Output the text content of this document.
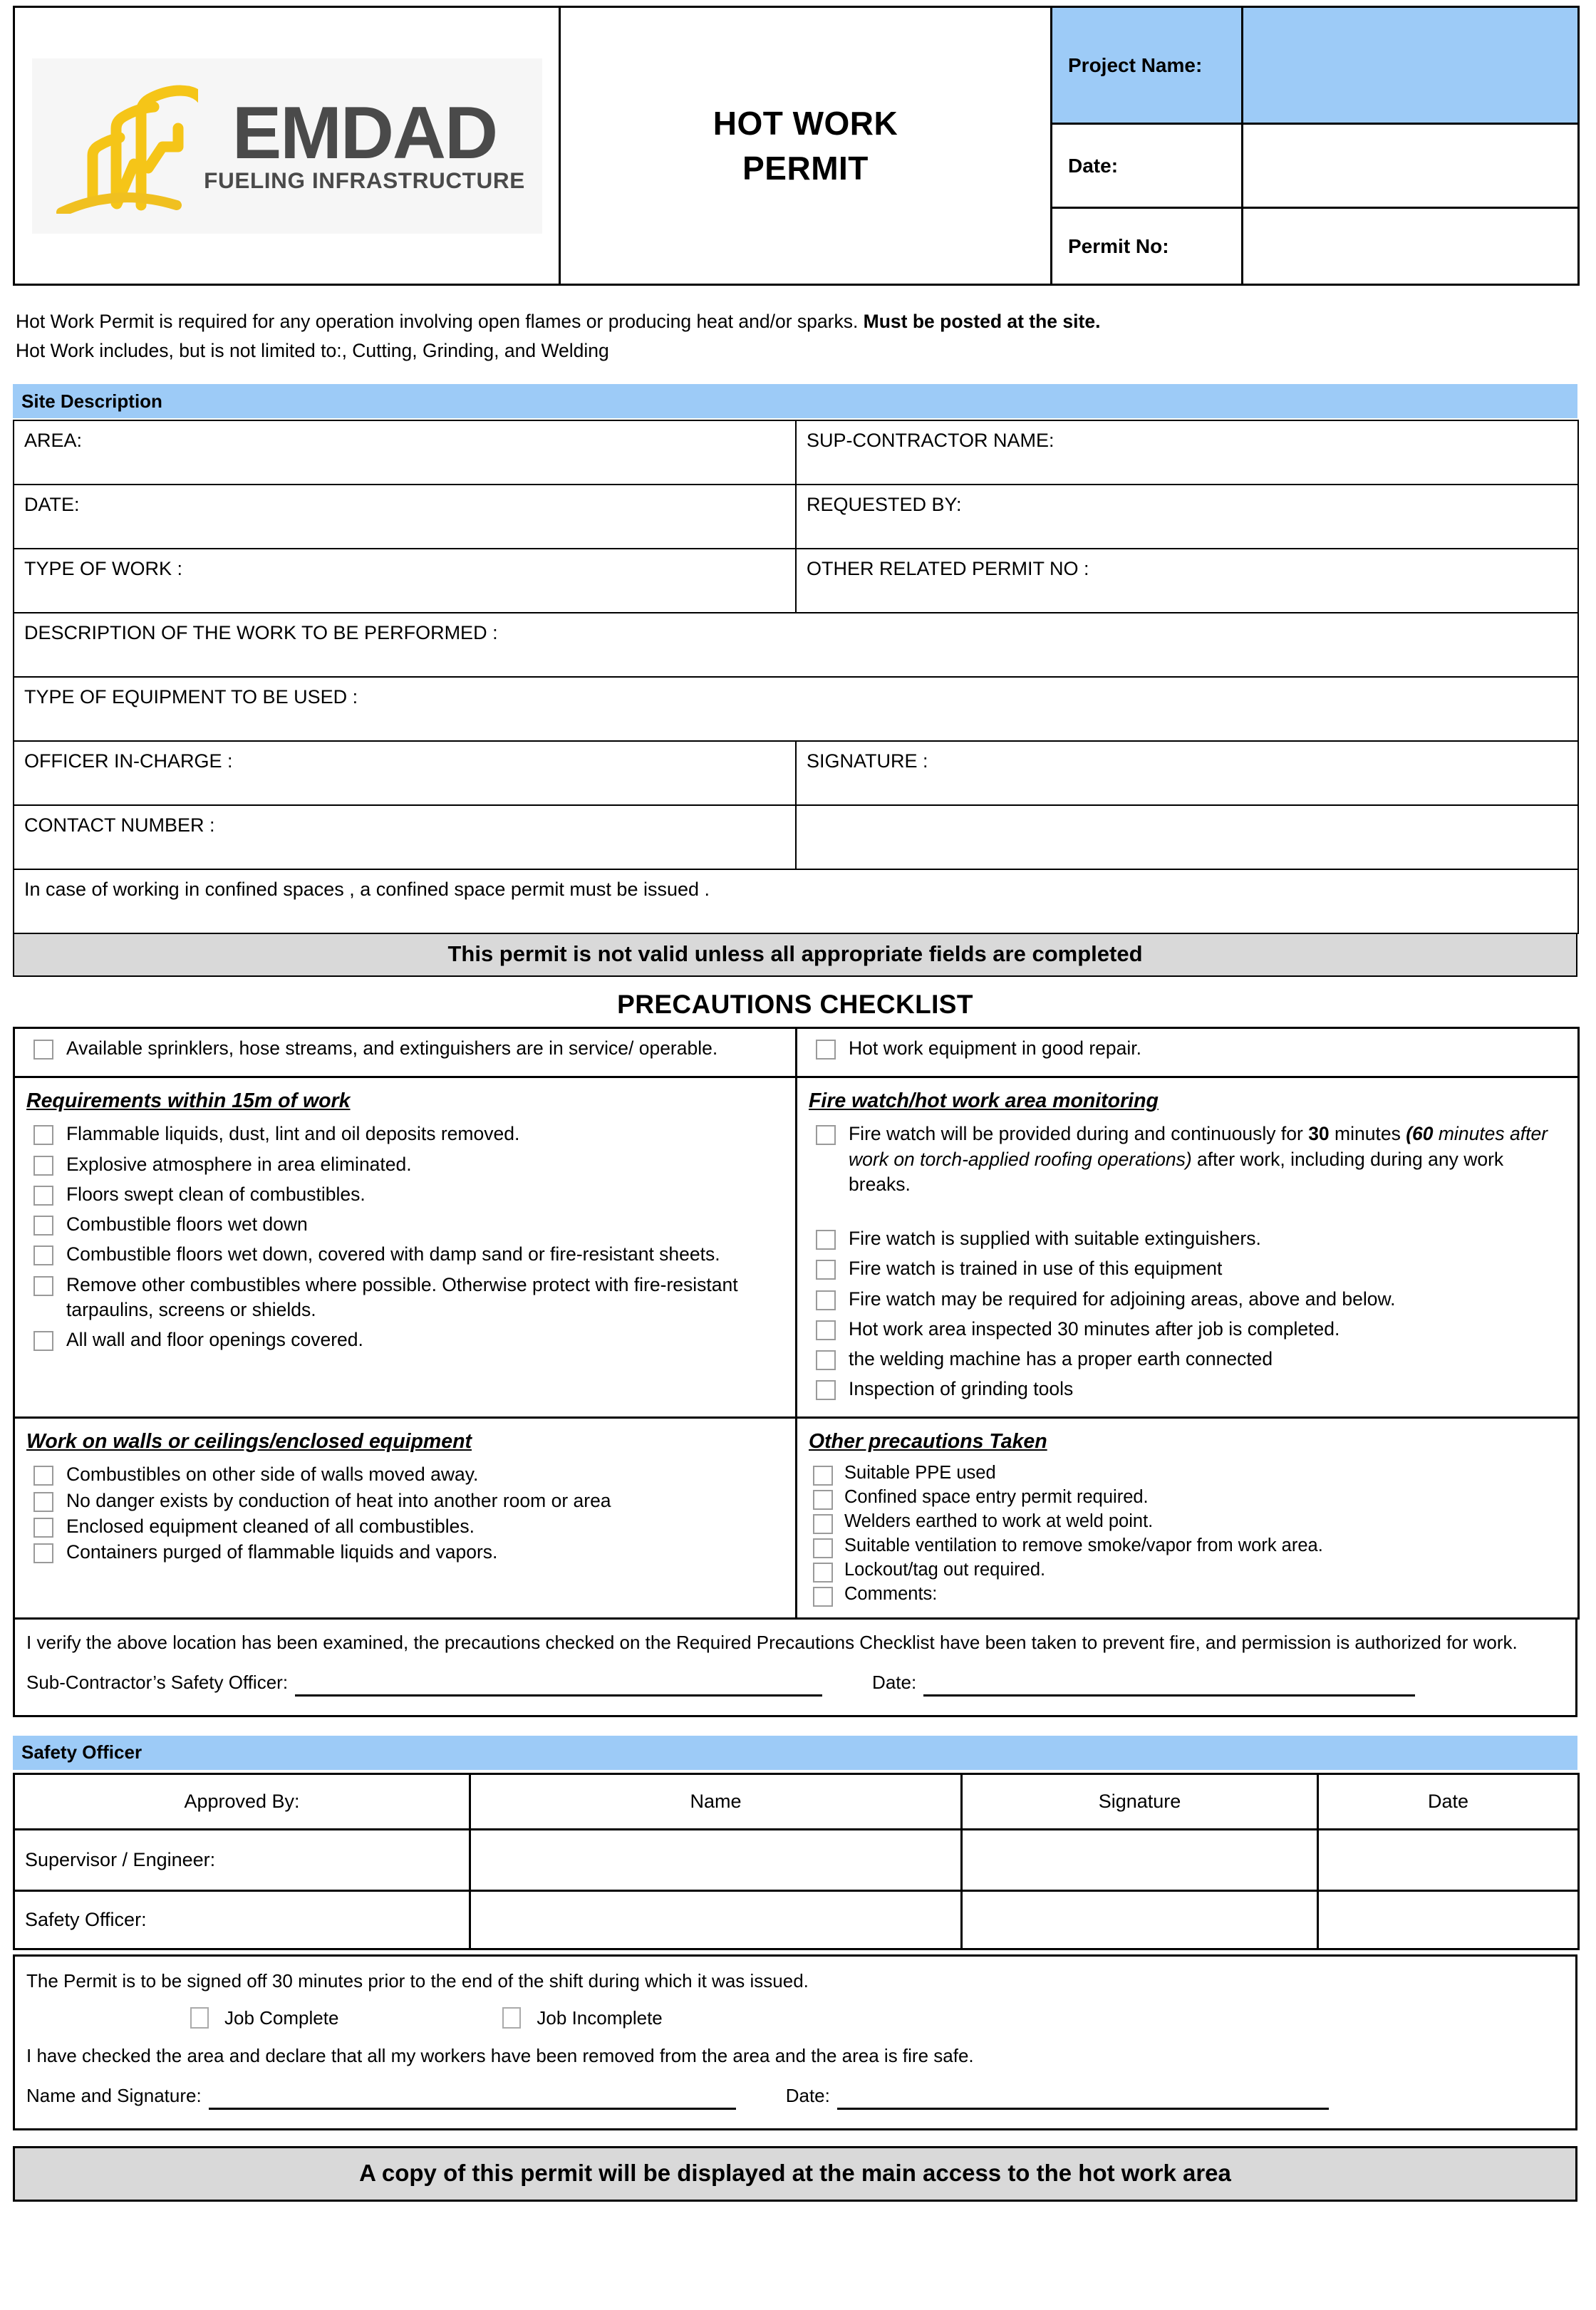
EMDAD
FUELING INFRASTRUCTURE

HOT WORK
PERMIT
	Project Name:	
		Date:	
		Permit No:	
Hot Work Permit is required for any operation involving open flames or producing heat and/or sparks. Must be posted at the site.
Hot Work includes, but is not limited to:, Cutting, Grinding, and Welding
Site Description
AREA:	SUP-CONTRACTOR NAME:
DATE:	REQUESTED BY:
TYPE OF WORK :	OTHER RELATED PERMIT NO :
DESCRIPTION OF THE WORK TO BE PERFORMED :	
TYPE OF EQUIPMENT TO BE USED :	
OFFICER IN-CHARGE :	SIGNATURE :
CONTACT NUMBER :	
In case of working in confined spaces , a confined space permit must be issued .	
This permit is not valid unless all appropriate fields are completed
PRECAUTIONS CHECKLIST
Available sprinklers, hose streams, and extinguishers are in service/ operable.	Hot work equipment in good repair.

Requirements within 15m of work
Flammable liquids, dust, lint and oil deposits removed.
Explosive atmosphere in area eliminated.
Floors swept clean of combustibles.
Combustible floors wet down
Combustible floors wet down, covered with damp sand or fire-resistant sheets.
Remove other combustibles where possible. Otherwise protect with fire-resistant tarpaulins, screens or shields.
All wall and floor openings covered.

Fire watch/hot work area monitoring
Fire watch will be provided during and continuously for 30 minutes (60 minutes after work on torch-applied roofing operations) after work, including during any work breaks.
Fire watch is supplied with suitable extinguishers.
Fire watch is trained in use of this equipment
Fire watch may be required for adjoining areas, above and below.
Hot work area inspected 30 minutes after job is completed.
the welding machine has a proper earth connected
Inspection of grinding tools

Work on walls or ceilings/enclosed equipment
Combustibles on other side of walls moved away.
No danger exists by conduction of heat into another room or area
Enclosed equipment cleaned of all combustibles.
Containers purged of flammable liquids and vapors.

Other precautions Taken
Suitable PPE used
Confined space entry permit required.
Welders earthed to work at weld point.
Suitable ventilation to remove smoke/vapor from work area.
Lockout/tag out required.
Comments:
I verify the above location has been examined, the precautions checked on the Required Precautions Checklist have been taken to prevent fire, and permission is authorized for work.
Sub-Contractor’s Safety Officer:	Date:
Safety Officer
Approved By:	Name	Signature	Date
Supervisor / Engineer:			
Safety Officer:			
The Permit is to be signed off 30 minutes prior to the end of the shift during which it was issued.
Job Complete	Job Incomplete
I have checked the area and declare that all my workers have been removed from the area and the area is fire safe.
Name and Signature:	Date:
A copy of this permit will be displayed at the main access to the hot work area
